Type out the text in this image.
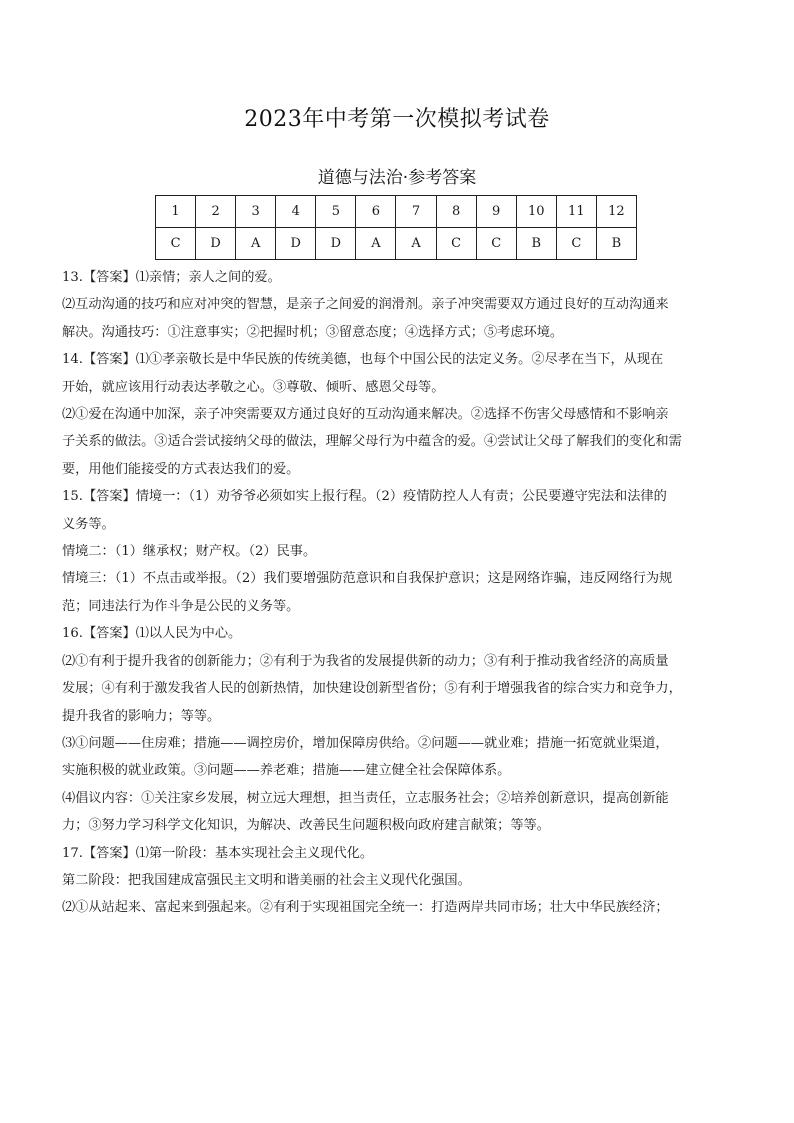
2023年中考第一次模拟考试卷
道德与法治·参考答案
1	2	3	4	5	6	7	8	9	10	11	12
C	D	A	D	D	A	A	C	C	B	C	B

13.【答案】⑴亲情；亲人之间的爱。

⑵互动沟通的技巧和应对冲突的智慧，是亲子之间爱的润滑剂。亲子冲突需要双方通过良好的互动沟通来

解决。沟通技巧：①注意事实；②把握时机；③留意态度；④选择方式；⑤考虑环境。

14.【答案】⑴①孝亲敬长是中华民族的传统美德，也每个中国公民的法定义务。②尽孝在当下，从现在

开始，就应该用行动表达孝敬之心。③尊敬、倾听、感恩父母等。

⑵①爱在沟通中加深，亲子冲突需要双方通过良好的互动沟通来解决。②选择不伤害父母感情和不影响亲

子关系的做法。③适合尝试接纳父母的做法，理解父母行为中蕴含的爱。④尝试让父母了解我们的变化和需

要，用他们能接受的方式表达我们的爱。

15.【答案】情境一：（1）劝爷爷必须如实上报行程。（2）疫情防控人人有责；公民要遵守宪法和法律的

义务等。

情境二：（1）继承权；财产权。（2）民事。

情境三：（1）不点击或举报。（2）我们要增强防范意识和自我保护意识；这是网络诈骗，违反网络行为规

范；同违法行为作斗争是公民的义务等。

16.【答案】⑴以人民为中心。

⑵①有利于提升我省的创新能力；②有利于为我省的发展提供新的动力；③有利于推动我省经济的高质量

发展；④有利于激发我省人民的创新热情，加快建设创新型省份；⑤有利于增强我省的综合实力和竞争力，

提升我省的影响力；等等。

⑶①问题——住房难；措施——调控房价，增加保障房供给。②问题——就业难；措施一拓宽就业渠道，

实施积极的就业政策。③问题——养老难；措施——建立健全社会保障体系。

⑷倡议内容：①关注家乡发展，树立远大理想，担当责任，立志服务社会；②培养创新意识，提高创新能

力；③努力学习科学文化知识，为解决、改善民生问题积极向政府建言献策；等等。

17.【答案】⑴第一阶段：基本实现社会主义现代化。

第二阶段：把我国建成富强民主文明和谐美丽的社会主义现代化强国。

⑵①从站起来、富起来到强起来。②有利于实现祖国完全统一：打造两岸共同市场；壮大中华民族经济；
